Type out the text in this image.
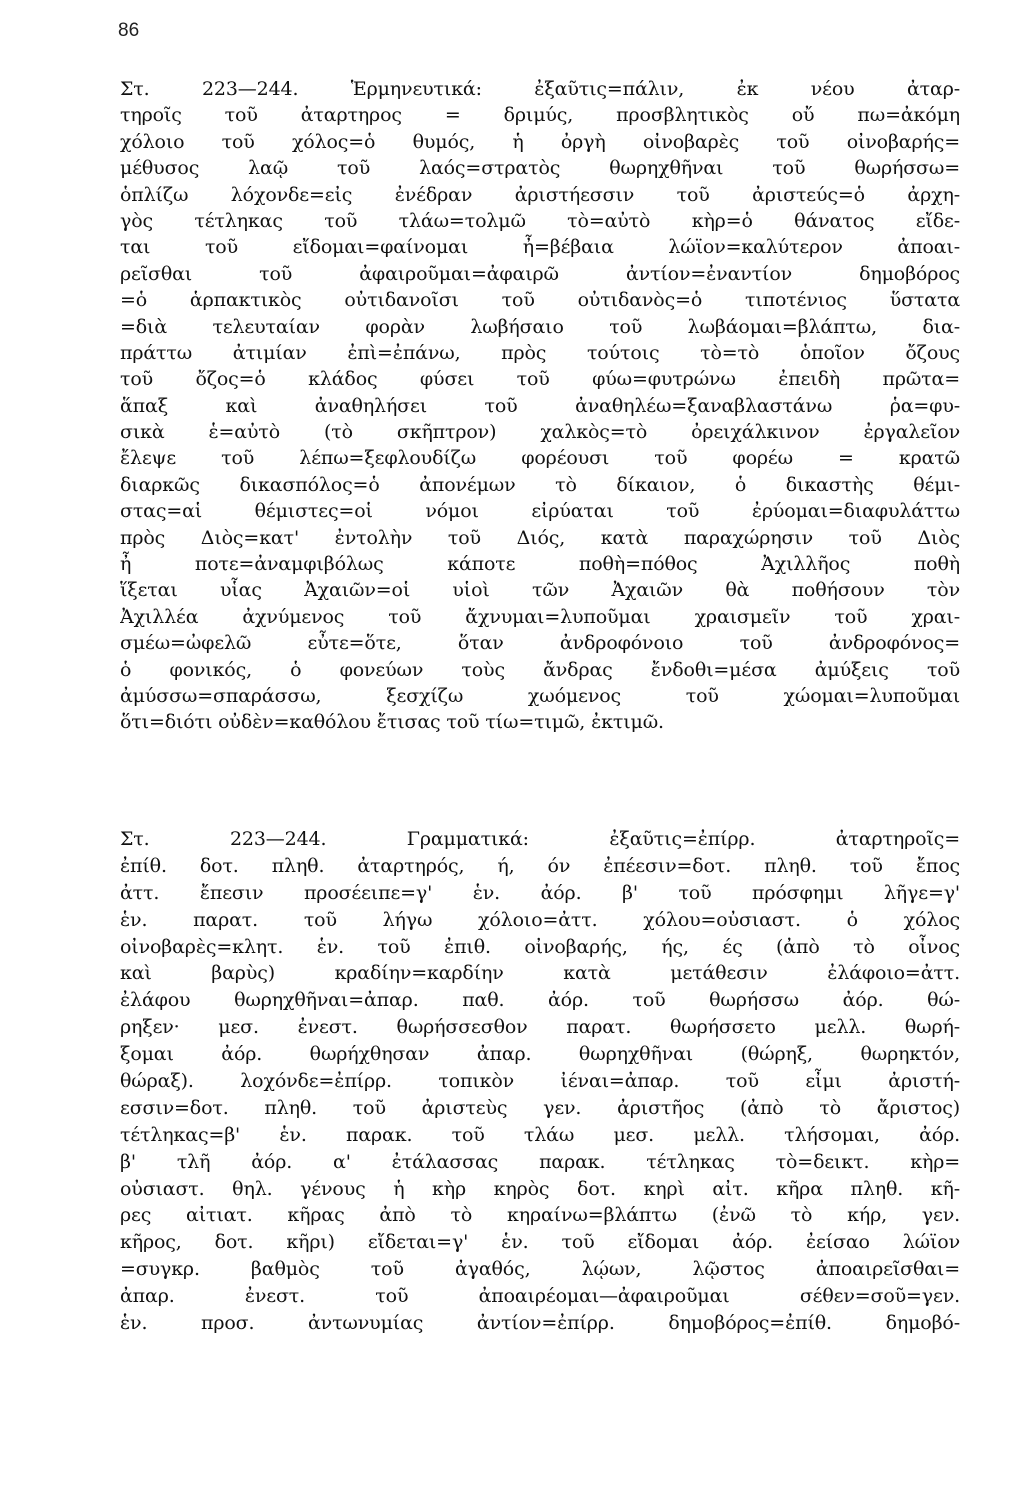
86
Στ. 223—244. Ἑρμηνευτικά: ἐξαῦτις=πάλιν, ἐκ νέου ἀταρ-
τηροῖς τοῦ ἀταρτηρος = δριμύς, προσβλητικὸς οὔ πω=ἀκόμη
χόλοιο τοῦ χόλος=ὁ θυμός, ἡ ὀργὴ οἰνοβαρὲς τοῦ οἰνοβαρής=
μέθυσος λαῷ τοῦ λαός=στρατὸς θωρηχθῆναι τοῦ θωρήσσω=
ὁπλίζω λόχονδε=εἰς ἐνέδραν ἀριστήεσσιν τοῦ ἀριστεύς=ὁ ἀρχη-
γὸς τέτληκας τοῦ τλάω=τολμῶ τὸ=αὐτὸ κὴρ=ὁ θάνατος εἴδε-
ται τοῦ εἴδομαι=φαίνομαι ἦ=βέβαια λώϊον=καλύτερον ἀποαι-
ρεῖσθαι τοῦ ἀφαιροῦμαι=ἀφαιρῶ ἀντίον=ἐναντίον δημοβόρος
=ὁ ἁρπακτικὸς οὐτιδανοῖσι τοῦ οὐτιδανὸς=ὁ τιποτένιος ὕστατα
=διὰ τελευταίαν φορὰν λωβήσαιο τοῦ λωβάομαι=βλάπτω, δια-
πράττω ἀτιμίαν ἐπὶ=ἐπάνω, πρὸς τούτοις τὸ=τὸ ὁποῖον ὄζους
τοῦ ὄζος=ὁ κλάδος φύσει τοῦ φύω=φυτρώνω ἐπειδὴ πρῶτα=
ἅπαξ καὶ ἀναθηλήσει τοῦ ἀναθηλέω=ξαναβλαστάνω ῥα=φυ-
σικὰ ἑ=αὐτὸ (τὸ σκῆπτρον) χαλκὸς=τὸ ὀρειχάλκινον ἐργαλεῖον
ἔλεψε τοῦ λέπω=ξεφλουδίζω φορέουσι τοῦ φορέω = κρατῶ
διαρκῶς δικασπόλος=ὁ ἀπονέμων τὸ δίκαιον, ὁ δικαστὴς θέμι-
στας=αἱ θέμιστες=οἱ νόμοι εἰρύαται τοῦ ἐρύομαι=διαφυλάττω
πρὸς Διὸς=κατ' ἐντολὴν τοῦ Διός, κατὰ παραχώρησιν τοῦ Διὸς
ἦ ποτε=ἀναμφιβόλως κάποτε ποθὴ=πόθος Ἀχιλλῆος ποθὴ
ἵξεται υἷας Ἀχαιῶν=οἱ υἱοὶ τῶν Ἀχαιῶν θὰ ποθήσουν τὸν
Ἀχιλλέα ἀχνύμενος τοῦ ἄχνυμαι=λυποῦμαι χραισμεῖν τοῦ χραι-
σμέω=ὠφελῶ εὖτε=ὅτε, ὅταν ἀνδροφόνοιο τοῦ ἀνδροφόνος=
ὁ φονικός, ὁ φονεύων τοὺς ἄνδρας ἔνδοθι=μέσα ἀμύξεις τοῦ
ἀμύσσω=σπαράσσω, ξεσχίζω χωόμενος τοῦ χώομαι=λυποῦμαι
ὅτι=διότι οὐδὲν=καθόλου ἔτισας τοῦ τίω=τιμῶ, ἐκτιμῶ.
Στ. 223—244. Γραμματικά: ἐξαῦτις=ἐπίρρ. ἀταρτηροῖς=
ἐπίθ. δοτ. πληθ. ἀταρτηρός, ή, όν ἐπέεσιν=δοτ. πληθ. τοῦ ἔπος
ἀττ. ἔπεσιν προσέειπε=γ' ἑν. ἀόρ. β' τοῦ πρόσφημι λῆγε=γ'
ἑν. παρατ. τοῦ λήγω χόλοιο=ἀττ. χόλου=οὐσιαστ. ὁ χόλος
οἰνοβαρὲς=κλητ. ἑν. τοῦ ἐπιθ. οἰνοβαρής, ής, ές (ἀπὸ τὸ οἶνος
καὶ βαρὺς) κραδίην=καρδίην κατὰ μετάθεσιν ἐλάφοιο=ἀττ.
ἐλάφου θωρηχθῆναι=ἀπαρ. παθ. ἀόρ. τοῦ θωρήσσω ἀόρ. θώ-
ρηξεν· μεσ. ἐνεστ. θωρήσσεσθον παρατ. θωρήσσετο μελλ. θωρή-
ξομαι ἀόρ. θωρήχθησαν ἀπαρ. θωρηχθῆναι (θώρηξ, θωρηκτόν,
θώραξ). λοχόνδε=ἐπίρρ. τοπικὸν ἰέναι=ἀπαρ. τοῦ εἶμι ἀριστή-
εσσιν=δοτ. πληθ. τοῦ ἀριστεὺς γεν. ἀριστῆος (ἀπὸ τὸ ἄριστος)
τέτληκας=β' ἑν. παρακ. τοῦ τλάω μεσ. μελλ. τλήσομαι, ἀόρ.
β' τλῆ ἀόρ. α' ἐτάλασσας παρακ. τέτληκας τὸ=δεικτ. κὴρ=
οὐσιαστ. θηλ. γένους ἡ κὴρ κηρὸς δοτ. κηρὶ αἰτ. κῆρα πληθ. κῆ-
ρες αἰτιατ. κῆρας ἀπὸ τὸ κηραίνω=βλάπτω (ἐνῶ τὸ κήρ, γεν.
κῆρος, δοτ. κῆρι) εἴδεται=γ' ἑν. τοῦ εἴδομαι ἀόρ. ἐείσαο λώϊον
=συγκρ. βαθμὸς τοῦ ἀγαθός, λῴων, λῷστος ἀποαιρεῖσθαι=
ἀπαρ. ἐνεστ. τοῦ ἀποαιρέομαι—ἀφαιροῦμαι σέθεν=σοῦ=γεν.
ἑν. προσ. ἀντωνυμίας ἀντίον=ἐπίρρ. δημοβόρος=ἐπίθ. δημοβό-
